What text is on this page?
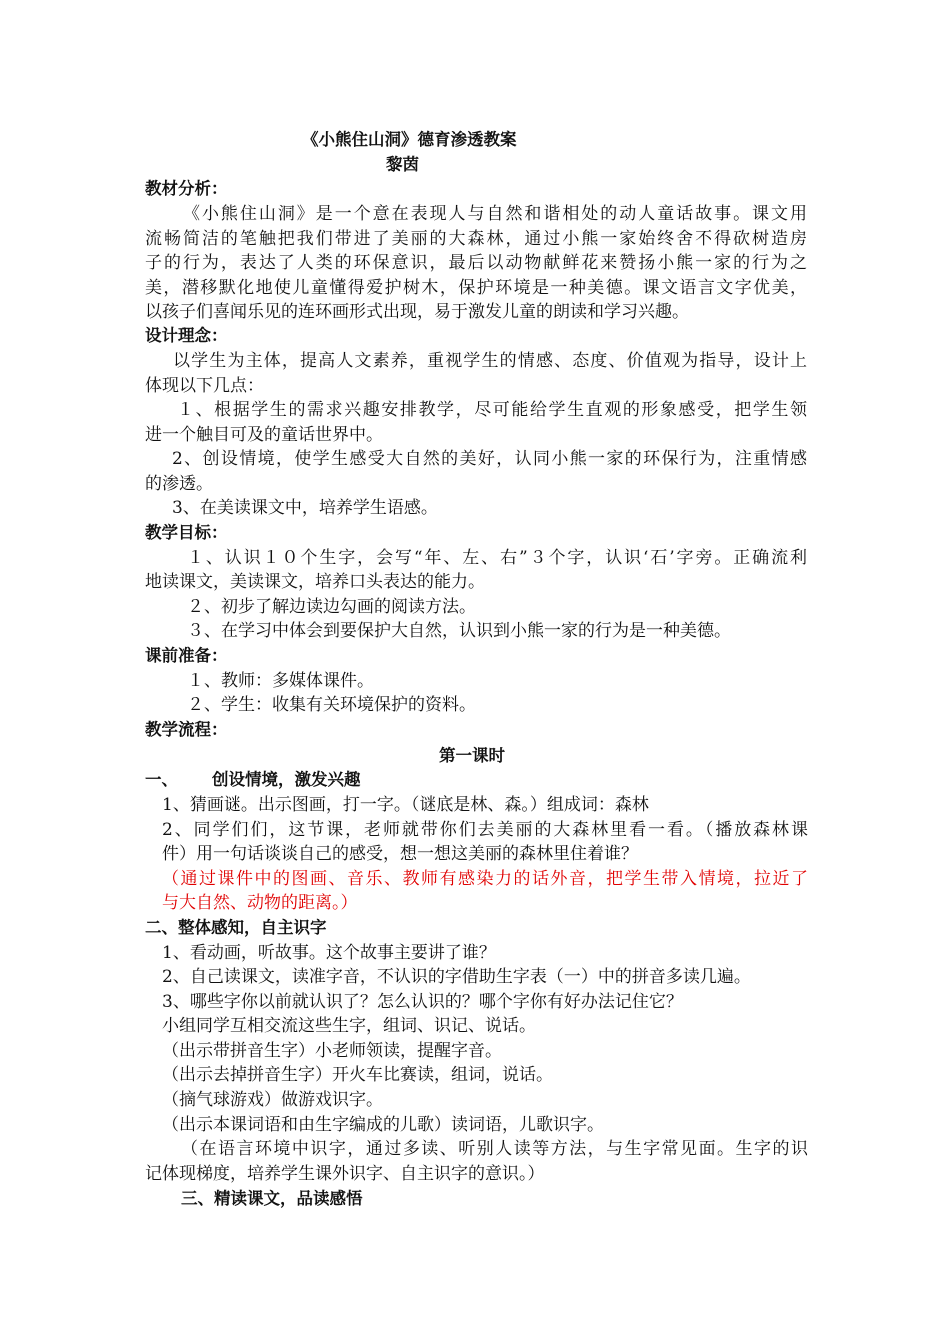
《小熊住山洞》德育渗透教案
黎茵
教材分析：
《小熊住山洞》是一个意在表现人与自然和谐相处的动人童话故事。课文用
流畅简洁的笔触把我们带进了美丽的大森林，通过小熊一家始终舍不得砍树造房
子的行为，表达了人类的环保意识，最后以动物献鲜花来赞扬小熊一家的行为之
美，潜移默化地使儿童懂得爱护树木，保护环境是一种美德。课文语言文字优美，
以孩子们喜闻乐见的连环画形式出现，易于激发儿童的朗读和学习兴趣。
设计理念：
以学生为主体，提高人文素养，重视学生的情感、态度、价值观为指导，设计上
体现以下几点：
１、根据学生的需求兴趣安排教学，尽可能给学生直观的形象感受，把学生领
进一个触目可及的童话世界中。
2、创设情境，使学生感受大自然的美好，认同小熊一家的环保行为，注重情感
的渗透。
3、在美读课文中，培养学生语感。
教学目标：
１、认识１０个生字，会写“年、左、右”３个字，认识‘石’字旁。正确流利
地读课文，美读课文，培养口头表达的能力。
２、初步了解边读边勾画的阅读方法。
３、在学习中体会到要保护大自然，认识到小熊一家的行为是一种美德。
课前准备：
１、教师：多媒体课件。
２、学生：收集有关环境保护的资料。
教学流程：
第一课时
一、 创设情境，激发兴趣
1、猜画谜。出示图画，打一字。（谜底是林、森。）组成词：森林
2、同学们们，这节课，老师就带你们去美丽的大森林里看一看。（播放森林课
件）用一句话谈谈自己的感受，想一想这美丽的森林里住着谁？
（通过课件中的图画、音乐、教师有感染力的话外音，把学生带入情境，拉近了
与大自然、动物的距离。）
二、整体感知，自主识字
1、看动画，听故事。这个故事主要讲了谁？
2、自己读课文，读准字音，不认识的字借助生字表（一）中的拼音多读几遍。
3、哪些字你以前就认识了？怎么认识的？哪个字你有好办法记住它？
小组同学互相交流这些生字，组词、识记、说话。
（出示带拼音生字）小老师领读，提醒字音。
（出示去掉拼音生字）开火车比赛读，组词，说话。
（摘气球游戏）做游戏识字。
（出示本课词语和由生字编成的儿歌）读词语，儿歌识字。
（在语言环境中识字，通过多读、听别人读等方法，与生字常见面。生字的识
记体现梯度，培养学生课外识字、自主识字的意识。）
三、精读课文，品读感悟
